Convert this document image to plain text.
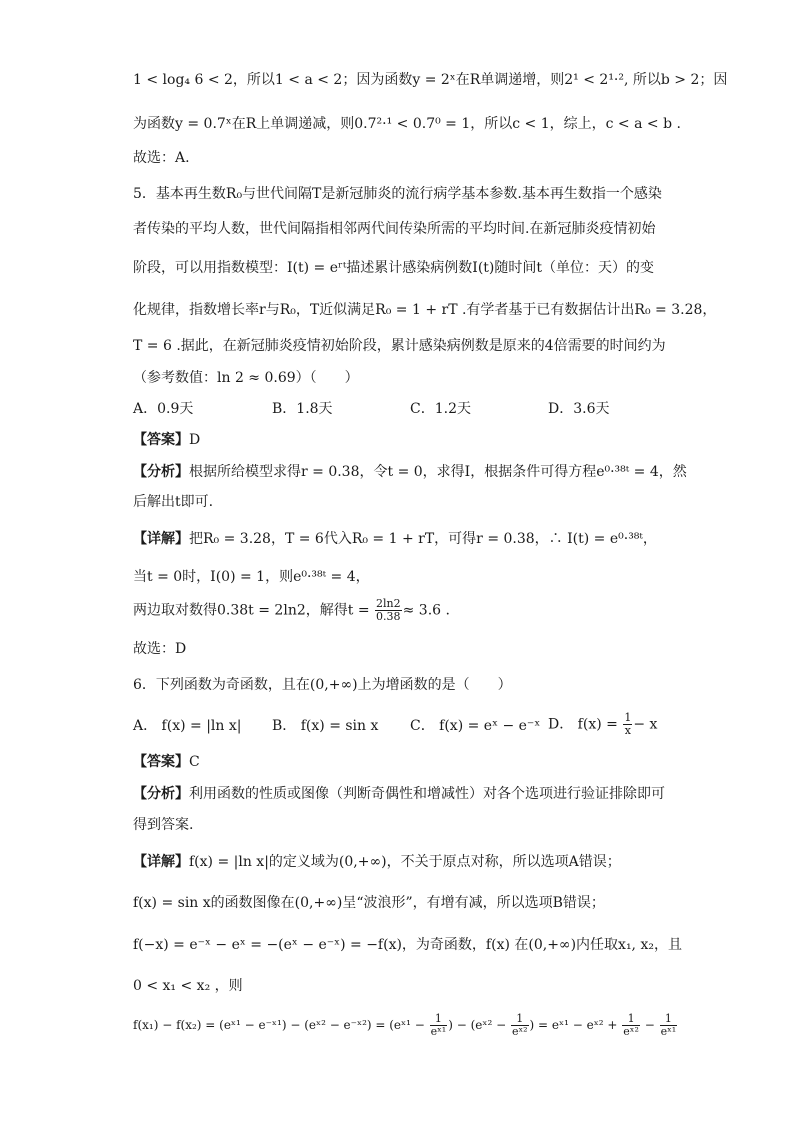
1 < log₄ 6 < 2，所以1 < a < 2；因为函数y = 2ˣ在R单调递增，则2¹ < 2¹·², 所以b > 2；因
为函数y = 0.7ˣ在R上单调递减，则0.7²·¹ < 0.7⁰ = 1，所以c < 1，综上，c < a < b .
故选：A.
5．基本再生数R₀与世代间隔T是新冠肺炎的流行病学基本参数.基本再生数指一个感染
者传染的平均人数，世代间隔指相邻两代间传染所需的平均时间.在新冠肺炎疫情初始
阶段，可以用指数模型：I(t) = eʳᵗ描述累计感染病例数I(t)随时间t（单位：天）的变
化规律，指数增长率r与R₀，T近似满足R₀ = 1 + rT .有学者基于已有数据估计出R₀ = 3.28，
T = 6 .据此，在新冠肺炎疫情初始阶段，累计感染病例数是原来的4倍需要的时间约为
（参考数值：ln 2 ≈ 0.69）（　　）
A．0.9天	B．1.8天	C．1.2天	D．3.6天
【答案】D
【分析】根据所给模型求得r = 0.38，令t = 0，求得I，根据条件可得方程e⁰·³⁸ᵗ = 4，然
后解出t即可.
【详解】把R₀ = 3.28，T = 6代入R₀ = 1 + rT，可得r = 0.38，∴ I(t) = e⁰·³⁸ᵗ，
当t = 0时，I(0) = 1，则e⁰·³⁸ᵗ = 4，
两边取对数得0.38t = 2ln2，解得$t = \frac{2\ln 2}{0.38} \approx 3.6$ .
故选：D
6．下列函数为奇函数，且在(0,+∞)上为增函数的是（　　）
A． f(x) = |ln x| B． f(x) = sin x C． f(x) = eˣ − e⁻ˣ D． $f(x) = \frac{1}{x} - x$
【答案】C
【分析】利用函数的性质或图像（判断奇偶性和增减性）对各个选项进行验证排除即可
得到答案.
【详解】f(x) = |ln x|的定义域为(0,+∞)，不关于原点对称，所以选项A错误；
f(x) = sin x的函数图像在(0,+∞)呈“波浪形”，有增有减，所以选项B错误；
f(−x) = e⁻ˣ − eˣ = −(eˣ − e⁻ˣ) = −f(x)，为奇函数，f(x) 在(0,+∞)内任取x₁, x₂，且
0 < x₁ < x₂ ，则
f(x₁) − f(x₂) = (eˣ¹ − e⁻ˣ¹) − (eˣ² − e⁻ˣ²) = (eˣ¹ − $\frac{1}{\text{eˣ¹}}$ ) − (eˣ² − $\frac{1}{\text{eˣ²}}$ ) = eˣ¹ − eˣ² + $\frac{1}{\text{eˣ²}} - \frac{1}{\text{eˣ¹}}$
